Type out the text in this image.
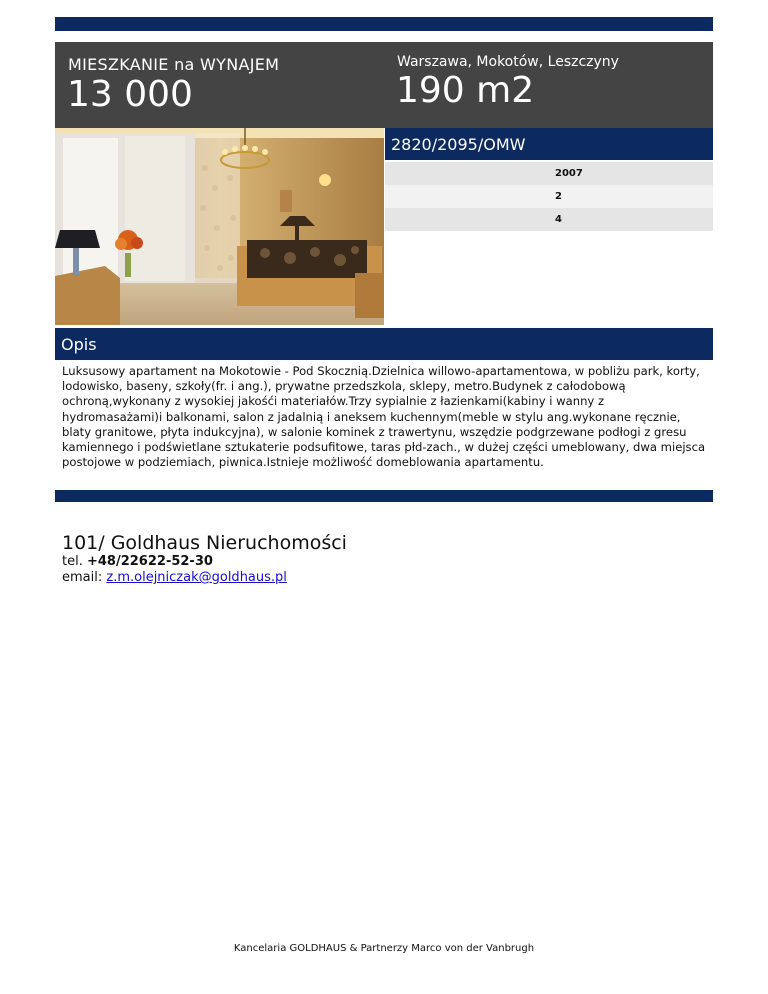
MIESZKANIE na WYNAJEM
13 000
Warszawa, Mokotów, Leszczyny
190 m2
2820/2095/OMW
2007
2
4
Opis
Luksusowy apartament na Mokotowie - Pod Skocznią.Dzielnica willowo-apartamentowa, w pobliżu park, korty, lodowisko, baseny, szkoły(fr. i ang.), prywatne przedszkola, sklepy, metro.Budynek z całodobową ochroną,wykonany z wysokiej jakośći materiałów.Trzy sypialnie z łazienkami(kabiny i wanny z hydromasażami)i balkonami, salon z jadalnią i aneksem kuchennym(meble w stylu ang.wykonane ręcznie, blaty granitowe, płyta indukcyjna), w salonie kominek z trawertynu, wszędzie podgrzewane podłogi z gresu kamiennego i podświetlane sztukaterie podsufitowe, taras płd-zach., w dużej części umeblowany, dwa miejsca postojowe w podziemiach, piwnica.Istnieje możliwość domeblowania apartamentu.
101/ Goldhaus Nieruchomości
tel. +48/22622-52-30
email: z.m.olejniczak@goldhaus.pl
Kancelaria GOLDHAUS & Partnerzy Marco von der Vanbrugh
